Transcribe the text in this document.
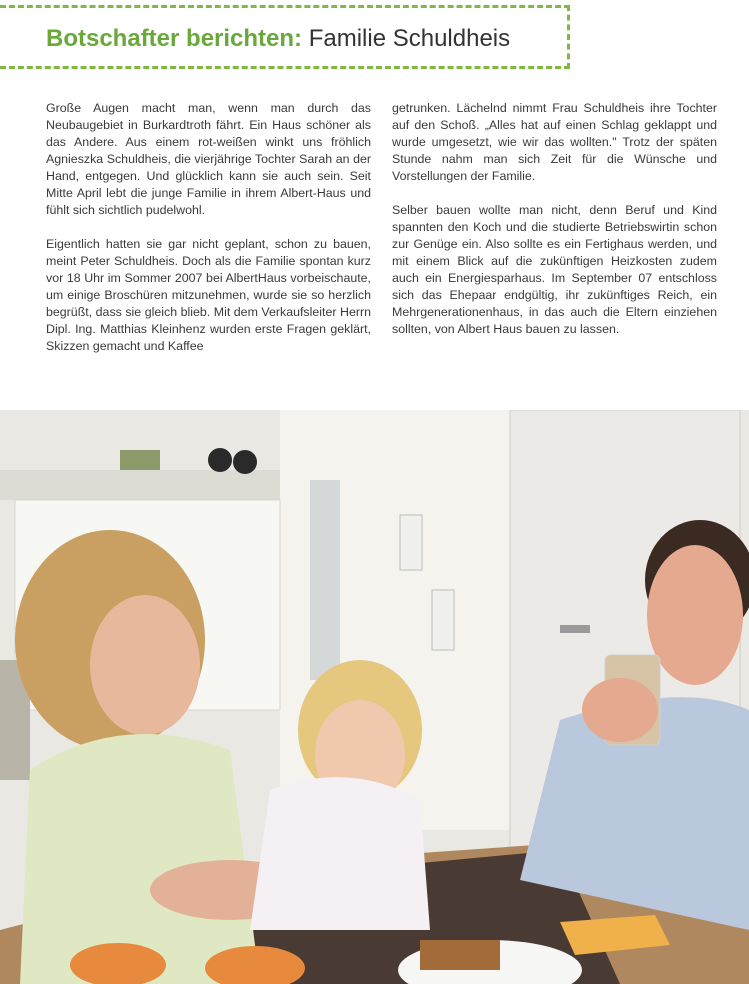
Botschafter berichten: Familie Schuldheis

Große Augen macht man, wenn man durch das Neubaugebiet in Burkardtroth fährt. Ein Haus schöner als das Andere. Aus einem rot-weißen winkt uns fröhlich Agnieszka Schuldheis, die vierjährige Tochter Sarah an der Hand, entgegen. Und glücklich kann sie auch sein. Seit Mitte April lebt die junge Familie in ihrem Albert-Haus und fühlt sich sichtlich pudelwohl.

Eigentlich hatten sie gar nicht geplant, schon zu bauen, meint Peter Schuldheis. Doch als die Familie spontan kurz vor 18 Uhr im Sommer 2007 bei AlbertHaus vorbeischaute, um einige Broschüren mitzunehmen, wurde sie so herzlich begrüßt, dass sie gleich blieb. Mit dem Verkaufsleiter Herrn Dipl. Ing. Matthias Kleinhenz wurden erste Fragen geklärt, Skizzen gemacht und Kaffee

getrunken. Lächelnd nimmt Frau Schuldheis ihre Tochter auf den Schoß. „Alles hat auf einen Schlag geklappt und wurde umgesetzt, wie wir das wollten." Trotz der späten Stunde nahm man sich Zeit für die Wünsche und Vorstellungen der Familie.

Selber bauen wollte man nicht, denn Beruf und Kind spannten den Koch und die studierte Betriebswirtin schon zur Genüge ein. Also sollte es ein Fertighaus werden, und mit einem Blick auf die zukünftigen Heizkosten zudem auch ein Energiesparhaus. Im September 07 entschloss sich das Ehepaar endgültig, ihr zukünftiges Reich, ein Mehrgenerationenhaus, in das auch die Eltern einziehen sollten, von Albert Haus bauen zu lassen.
